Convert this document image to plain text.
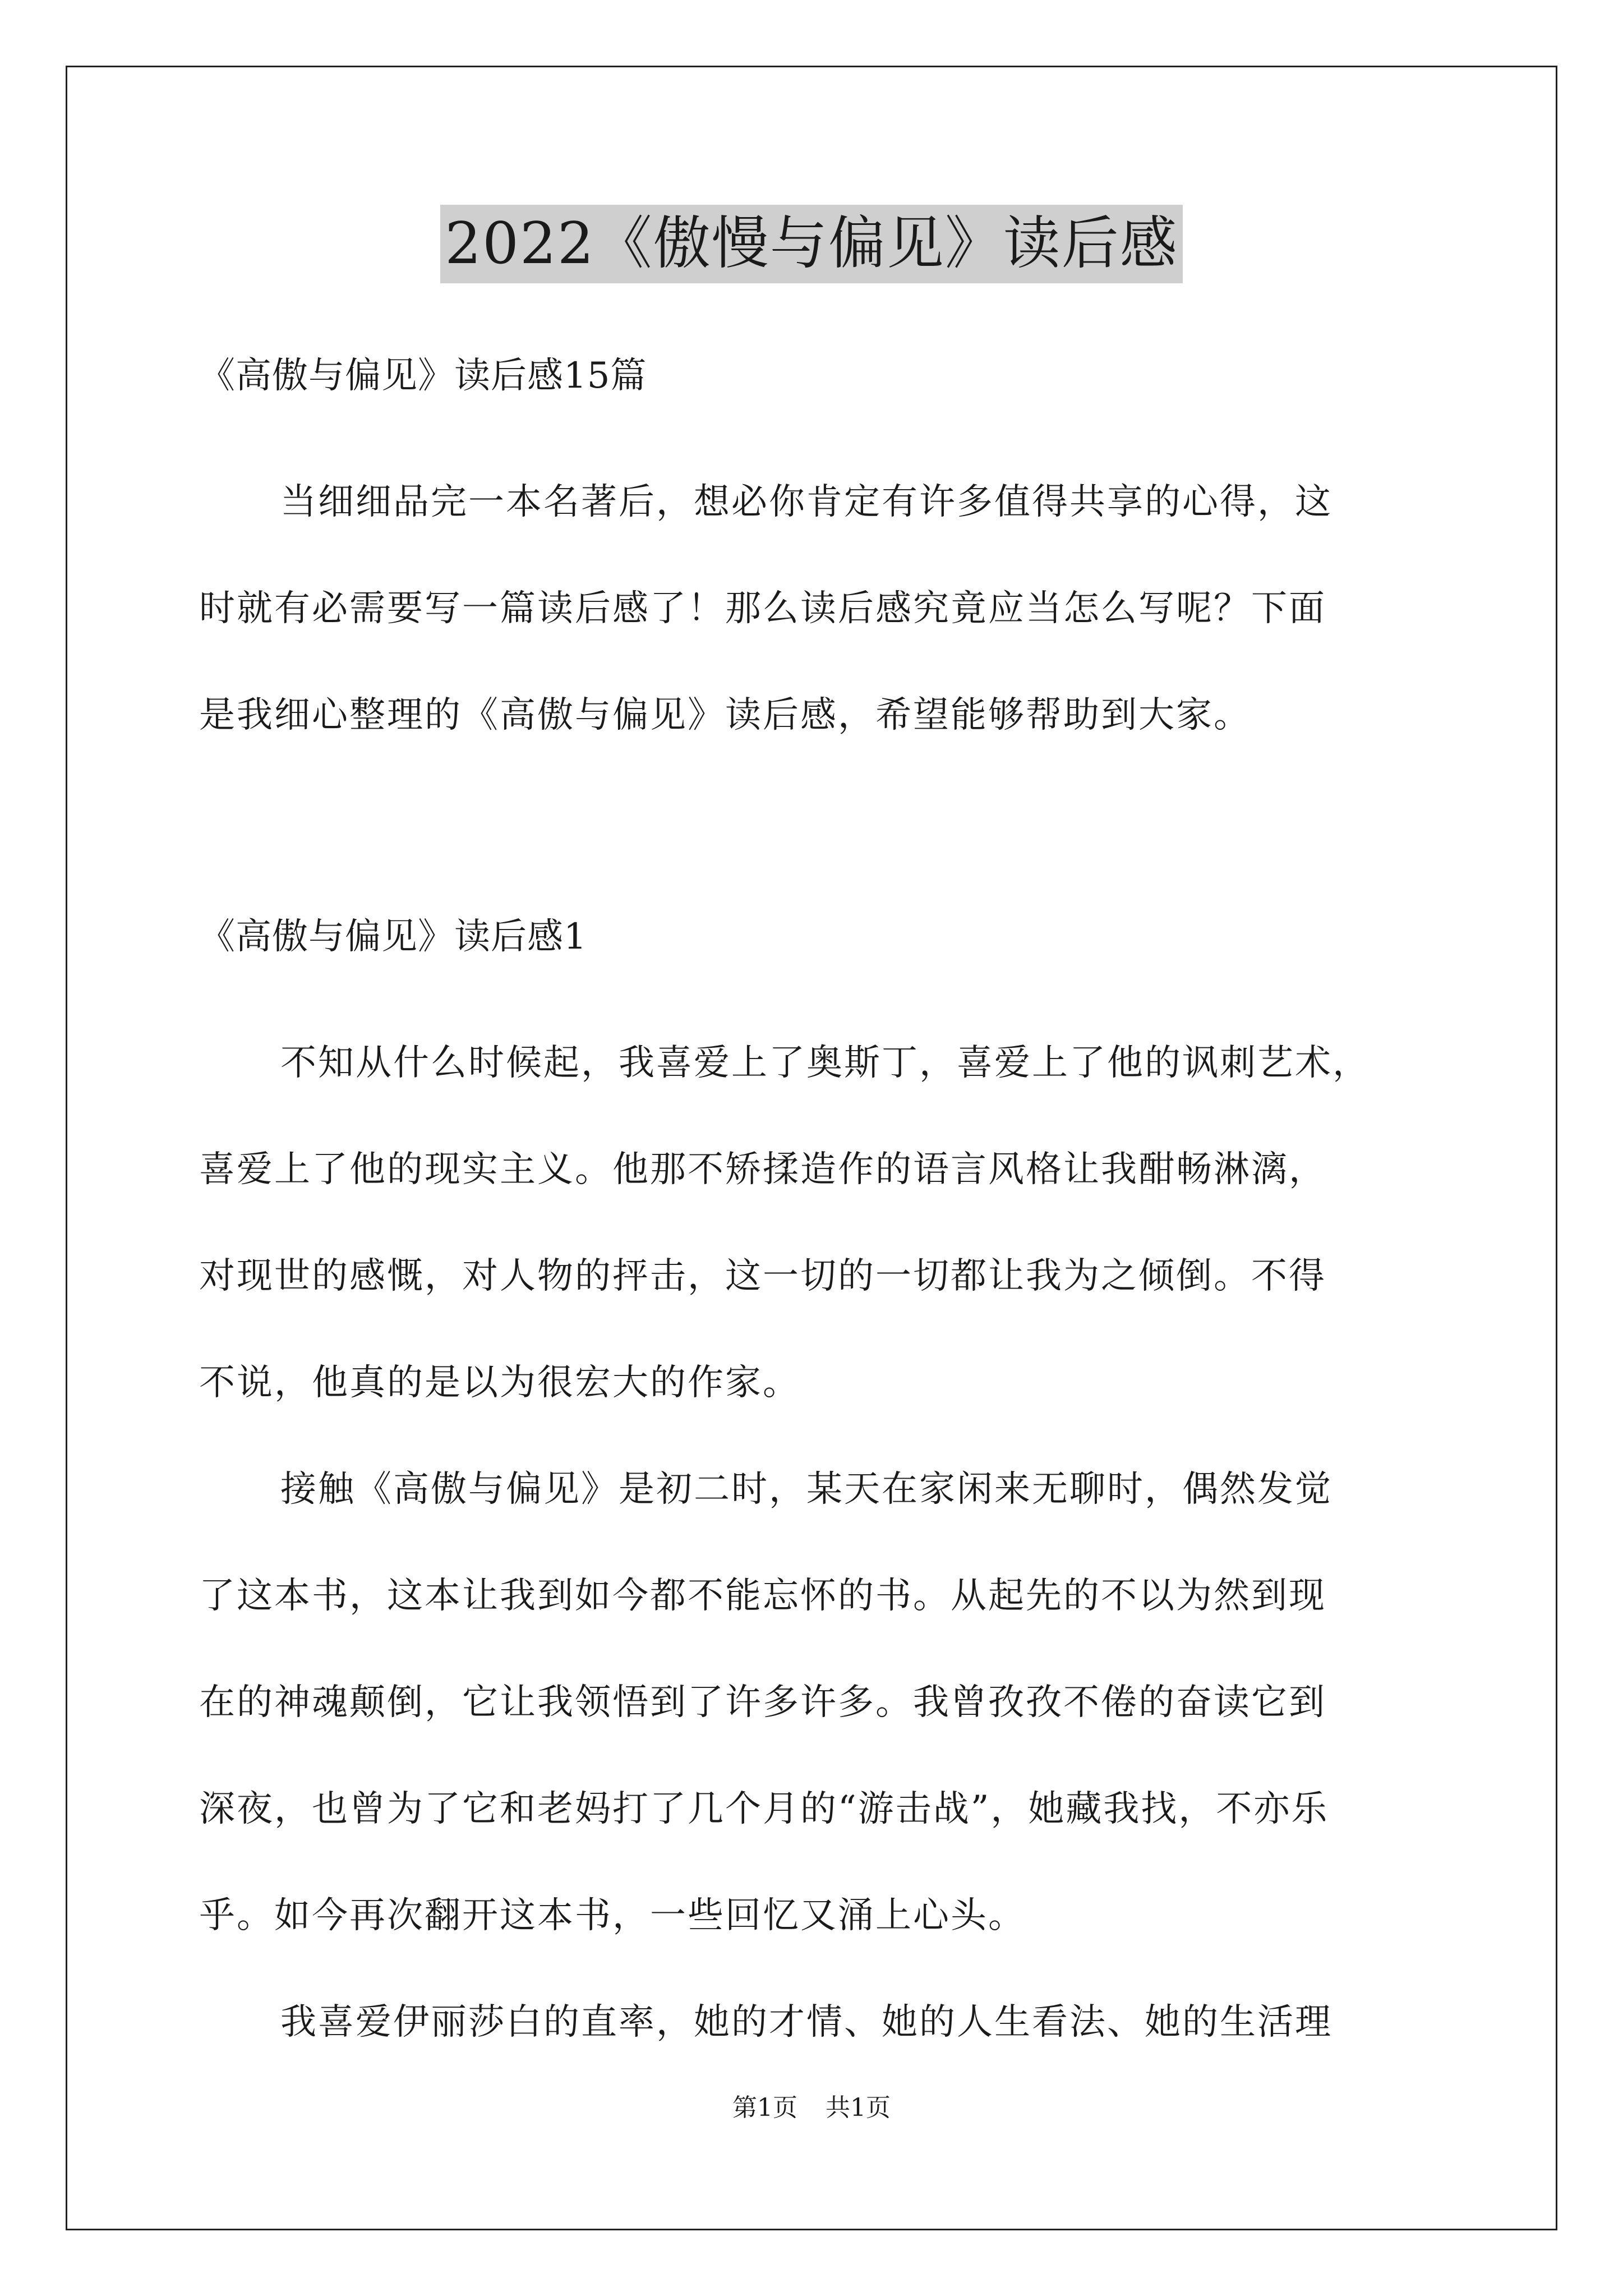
2022《傲慢与偏见》读后感
《高傲与偏见》读后感15篇
当细细品完一本名著后，想必你肯定有许多值得共享的心得，这
时就有必需要写一篇读后感了！那么读后感究竟应当怎么写呢？下面
是我细心整理的《高傲与偏见》读后感，希望能够帮助到大家。
《高傲与偏见》读后感1
不知从什么时候起，我喜爱上了奥斯丁，喜爱上了他的讽刺艺术，
喜爱上了他的现实主义。他那不矫揉造作的语言风格让我酣畅淋漓，
对现世的感慨，对人物的抨击，这一切的一切都让我为之倾倒。不得
不说，他真的是以为很宏大的作家。
接触《高傲与偏见》是初二时，某天在家闲来无聊时，偶然发觉
了这本书，这本让我到如今都不能忘怀的书。从起先的不以为然到现
在的神魂颠倒，它让我领悟到了许多许多。我曾孜孜不倦的奋读它到
深夜，也曾为了它和老妈打了几个月的“游击战”，她藏我找，不亦乐
乎。如今再次翻开这本书，一些回忆又涌上心头。
我喜爱伊丽莎白的直率，她的才情、她的人生看法、她的生活理
第1页 共1页
